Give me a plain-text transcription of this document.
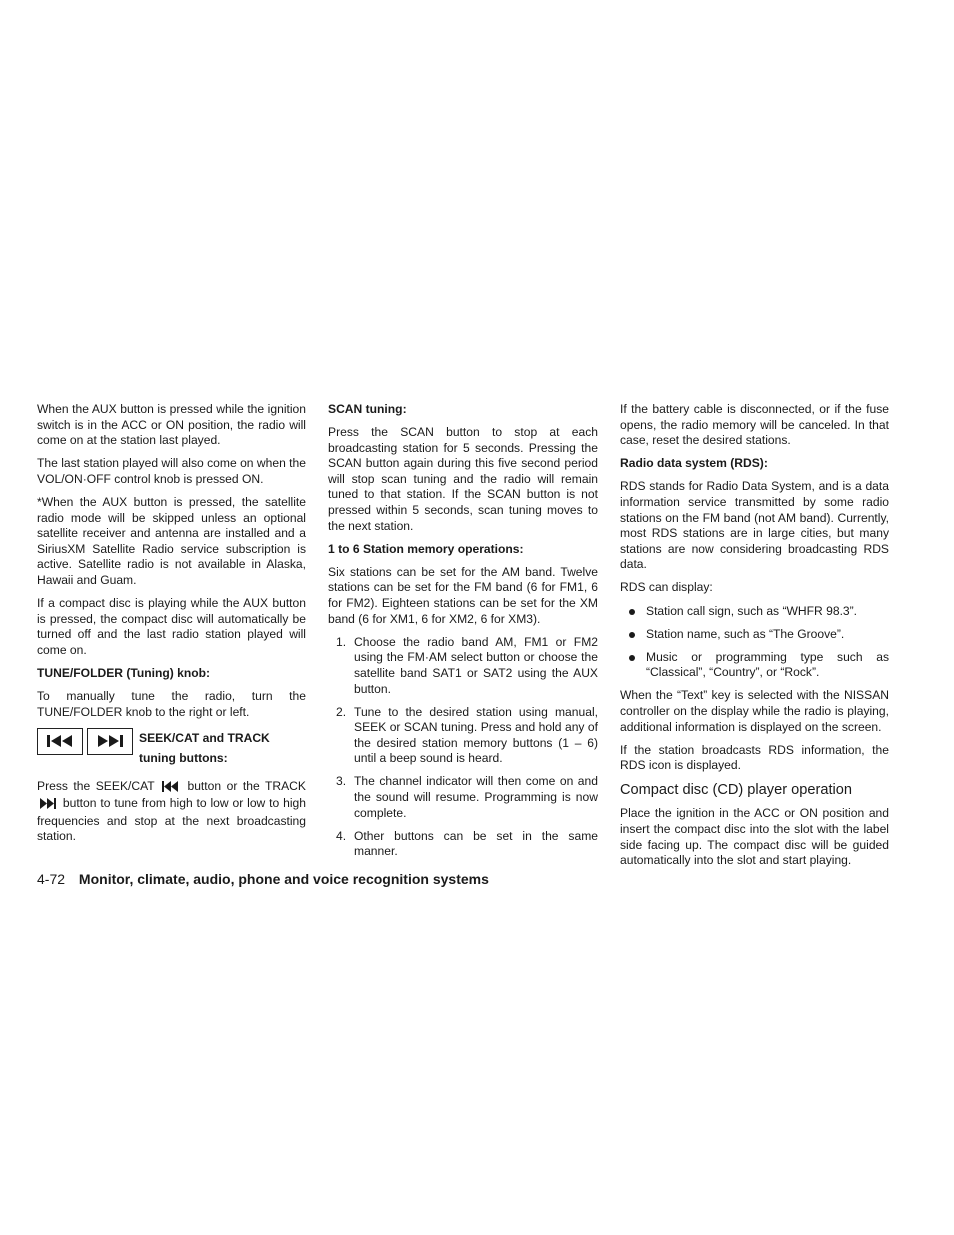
When the AUX button is pressed while the ignition switch is in the ACC or ON position, the radio will come on at the station last played.

The last station played will also come on when the VOL/ON·OFF control knob is pressed ON.

*When the AUX button is pressed, the satellite radio mode will be skipped unless an optional satellite receiver and antenna are installed and a SiriusXM Satellite Radio service subscription is active. Satellite radio is not available in Alaska, Hawaii and Guam.

If a compact disc is playing while the AUX button is pressed, the compact disc will automatically be turned off and the last radio station played will come on.

TUNE/FOLDER (Tuning) knob:

To manually tune the radio, turn the TUNE/FOLDER knob to the right or left.

SEEK/CAT and TRACK tuning buttons:

Press the SEEK/CAT	button or the TRACK  button to tune from high to low or low to high frequencies and stop at the next broadcasting station.

SCAN tuning:

Press the SCAN button to stop at each broadcasting station for 5 seconds. Pressing the SCAN button again during this five second period will stop scan tuning and the radio will remain tuned to that station. If the SCAN button is not pressed within 5 seconds, scan tuning moves to the next station.

1 to 6 Station memory operations:

Six stations can be set for the AM band. Twelve stations can be set for the FM band (6 for FM1, 6 for FM2). Eighteen stations can be set for the XM band (6 for XM1, 6 for XM2, 6 for XM3).

1. Choose the radio band AM, FM1 or FM2 using the FM·AM select button or choose the satellite band SAT1 or SAT2 using the AUX button.
2. Tune to the desired station using manual, SEEK or SCAN tuning. Press and hold any of the desired station memory buttons (1 – 6) until a beep sound is heard.
3. The channel indicator will then come on and the sound will resume. Programming is now complete.
4. Other buttons can be set in the same manner.

If the battery cable is disconnected, or if the fuse opens, the radio memory will be canceled. In that case, reset the desired stations.

Radio data system (RDS):

RDS stands for Radio Data System, and is a data information service transmitted by some radio stations on the FM band (not AM band). Currently, most RDS stations are in large cities, but many stations are now considering broadcasting RDS data.

RDS can display:

Station call sign, such as “WHFR 98.3”.
Station name, such as “The Groove”.
Music or programming type such as “Classical”, “Country”, or “Rock”.

When the “Text” key is selected with the NISSAN controller on the display while the radio is playing, additional information is displayed on the screen.

If the station broadcasts RDS information, the RDS icon is displayed.

Compact disc (CD) player operation

Place the ignition in the ACC or ON position and insert the compact disc into the slot with the label side facing up. The compact disc will be guided automatically into the slot and start playing.

4-72 Monitor, climate, audio, phone and voice recognition systems
